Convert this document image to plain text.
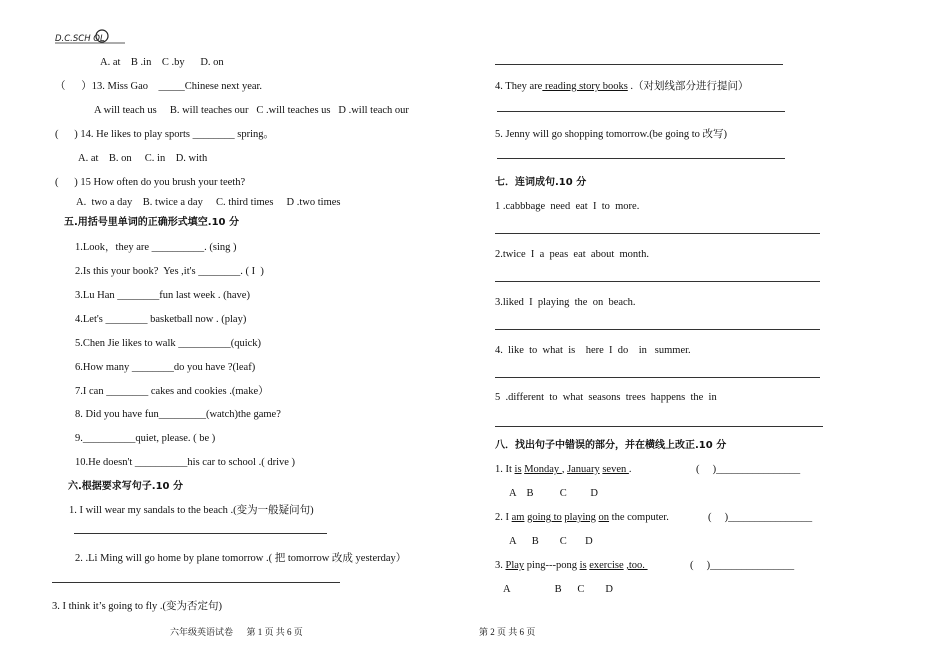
D.C.SCH OL
A. at    B .in    C .by      D. on
（      ）13. Miss Gao    _____Chinese next year.
A will teach us     B. will teaches our   C .will teaches us   D .will teach our
(      ) 14. He likes to play sports ________ spring。
A. at    B. on     C. in    D. with
(      ) 15 How often do you brush your teeth?
A.  two a day    B. twice a day     C. third times     D .two times
五.用括号里单词的正确形式填空.10 分
1.Look，they are __________. (sing )
2.Is this your book?  Yes ,it's ________. ( I  )
3.Lu Han ________fun last week . (have)
4.Let's ________ basketball now . (play)
5.Chen Jie likes to walk __________(quick)
6.How many ________do you have ?(leaf)
7.I can ________ cakes and cookies .(make）
8. Did you have fun_________(watch)the game?
9.__________quiet, please. ( be )
10.He doesn't __________his car to school .( drive )
六.根据要求写句子.10 分
1. I will wear my sandals to the beach .(变为一般疑问句)
2. .Li Ming will go home by plane tomorrow .( 把 tomorrow 改成 yesterday）
3. I think it’s going to fly .(变为否定句)
六年级英语试卷      第 1 页 共 6 页
4. They are reading story books .（对划线部分进行提问）
5. Jenny will go shopping tomorrow.(be going to 改写)
七．连词成句.10 分
1 .cabbbage  need  eat  I  to  more.
2.twice  I  a  peas  eat  about  month.
3.liked  I  playing  the  on  beach.
4.  like  to  what  is    here  I  do    in   summer.
5  .different  to  what  seasons  trees  happens  the  in
八．找出句子中错误的部分，并在横线上改正.10 分
1. It is Monday , January seven .	(     )________________
A    B          C         D
2. I am going to playing on the computer.	(     )________________
A      B        C       D
3. Play ping---pong is exercise ,too.	(     )________________
A                 B      C        D
第 2 页 共 6 页
